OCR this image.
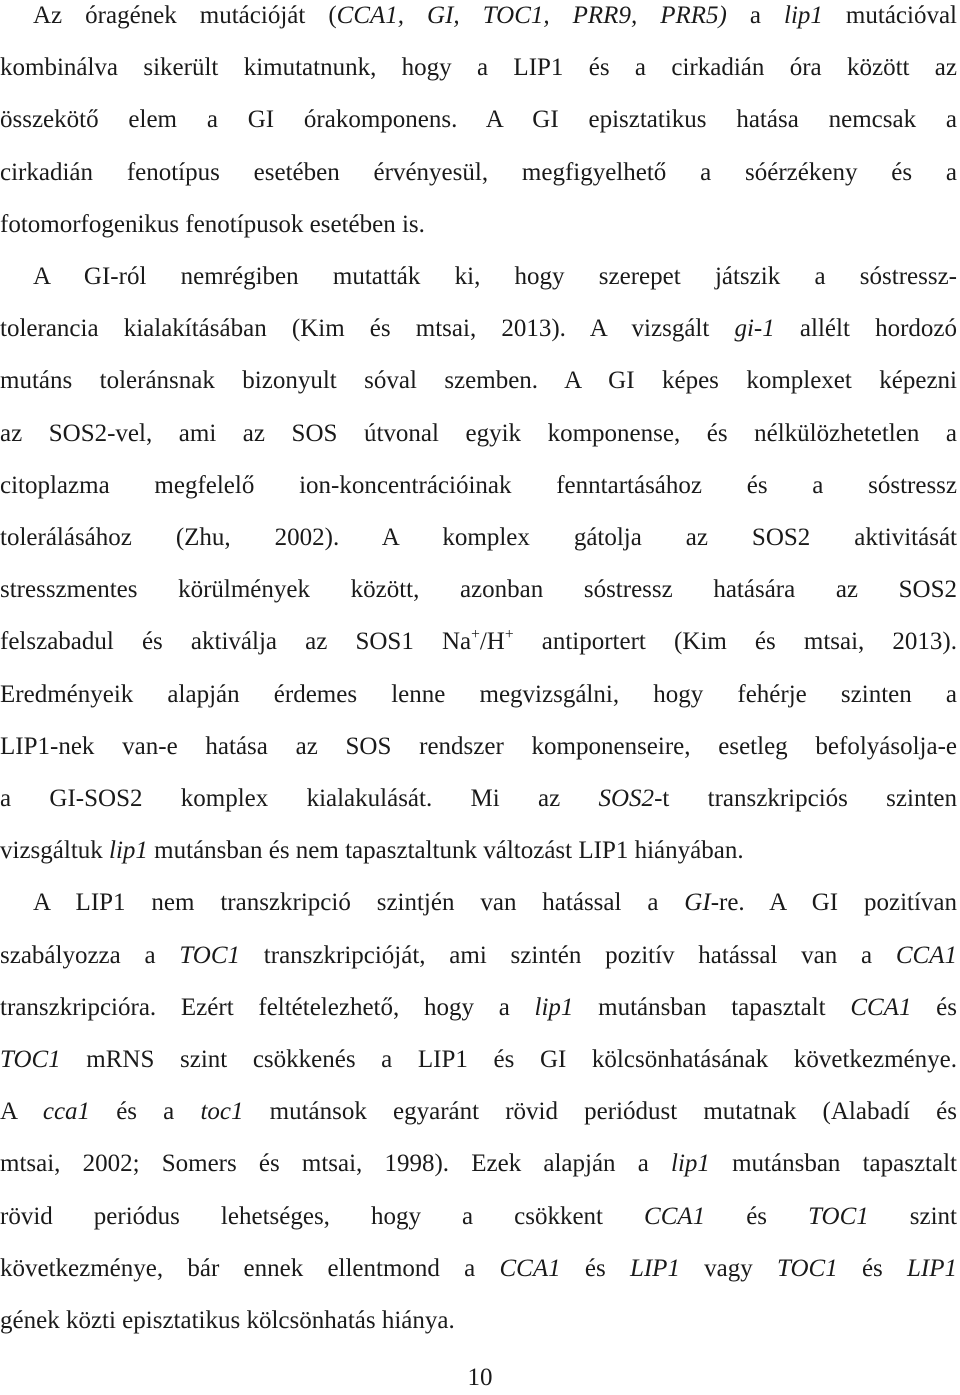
Az óragének mutációját (CCA1, GI, TOC1, PRR9, PRR5) a lip1 mutációval
kombinálva sikerült kimutatnunk, hogy a LIP1 és a cirkadián óra között az
összekötő elem a GI órakomponens. A GI episztatikus hatása nemcsak a
cirkadián fenotípus esetében érvényesül, megfigyelhető a sóérzékeny és a
fotomorfogenikus fenotípusok esetében is.
A GI-ról nemrégiben mutatták ki, hogy szerepet játszik a sóstressz-
tolerancia kialakításában (Kim és mtsai, 2013). A vizsgált gi-1 allélt hordozó
mutáns toleránsnak bizonyult sóval szemben. A GI képes komplexet képezni
az SOS2-vel, ami az SOS útvonal egyik komponense, és nélkülözhetetlen a
citoplazma megfelelő ion-koncentrációinak fenntartásához és a sóstressz
tolerálásához (Zhu, 2002). A komplex gátolja az SOS2 aktivitását
stresszmentes körülmények között, azonban sóstressz hatására az SOS2
felszabadul és aktiválja az SOS1 Na+/H+ antiportert (Kim és mtsai, 2013).
Eredményeik alapján érdemes lenne megvizsgálni, hogy fehérje szinten a
LIP1-nek van-e hatása az SOS rendszer komponenseire, esetleg befolyásolja-e
a GI-SOS2 komplex kialakulását. Mi az SOS2-t transzkripciós szinten
vizsgáltuk lip1 mutánsban és nem tapasztaltunk változást LIP1 hiányában.
A LIP1 nem transzkripció szintjén van hatással a GI-re. A GI pozitívan
szabályozza a TOC1 transzkripcióját, ami szintén pozitív hatással van a CCA1
transzkripcióra. Ezért feltételezhető, hogy a lip1 mutánsban tapasztalt CCA1 és
TOC1 mRNS szint csökkenés a LIP1 és GI kölcsönhatásának következménye.
A cca1 és a toc1 mutánsok egyaránt rövid periódust mutatnak (Alabadí és
mtsai, 2002; Somers és mtsai, 1998). Ezek alapján a lip1 mutánsban tapasztalt
rövid periódus lehetséges, hogy a csökkent CCA1 és TOC1 szint
következménye, bár ennek ellentmond a CCA1 és LIP1 vagy TOC1 és LIP1
gének közti episztatikus kölcsönhatás hiánya.
10
